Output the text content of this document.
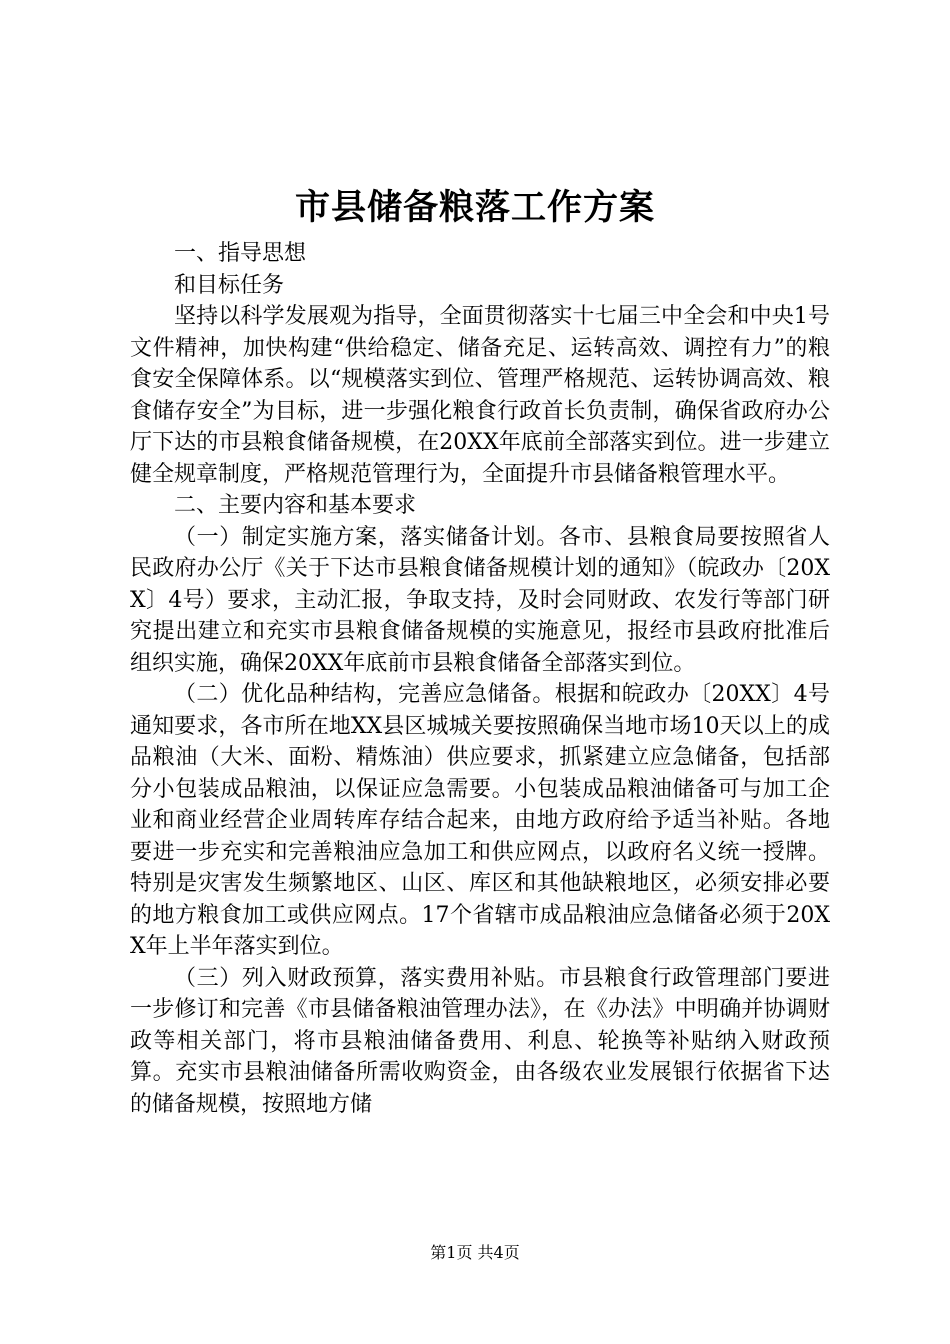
市县储备粮落工作方案

一、指导思想

和目标任务

坚持以科学发展观为指导，全面贯彻落实十七届三中全会和中央1号文件精神，加快构建“供给稳定、储备充足、运转高效、调控有力”的粮食安全保障体系。以“规模落实到位、管理严格规范、运转协调高效、粮食储存安全”为目标，进一步强化粮食行政首长负责制，确保省政府办公厅下达的市县粮食储备规模，在20XX年底前全部落实到位。进一步建立健全规章制度，严格规范管理行为，全面提升市县储备粮管理水平。

二、主要内容和基本要求

（一）制定实施方案，落实储备计划。各市、县粮食局要按照省人民政府办公厅《关于下达市县粮食储备规模计划的通知》（皖政办〔20XX〕4号）要求，主动汇报，争取支持，及时会同财政、农发行等部门研究提出建立和充实市县粮食储备规模的实施意见，报经市县政府批准后组织实施，确保20XX年底前市县粮食储备全部落实到位。

（二）优化品种结构，完善应急储备。根据和皖政办〔20XX〕4号通知要求，各市所在地XX县区城城关要按照确保当地市场10天以上的成品粮油（大米、面粉、精炼油）供应要求，抓紧建立应急储备，包括部分小包装成品粮油，以保证应急需要。小包装成品粮油储备可与加工企业和商业经营企业周转库存结合起来，由地方政府给予适当补贴。各地要进一步充实和完善粮油应急加工和供应网点，以政府名义统一授牌。特别是灾害发生频繁地区、山区、库区和其他缺粮地区，必须安排必要的地方粮食加工或供应网点。17个省辖市成品粮油应急储备必须于20XX年上半年落实到位。

（三）列入财政预算，落实费用补贴。市县粮食行政管理部门要进一步修订和完善《市县储备粮油管理办法》，在《办法》中明确并协调财政等相关部门，将市县粮油储备费用、利息、轮换等补贴纳入财政预算。充实市县粮油储备所需收购资金，由各级农业发展银行依据省下达的储备规模，按照地方储

第1页 共4页
